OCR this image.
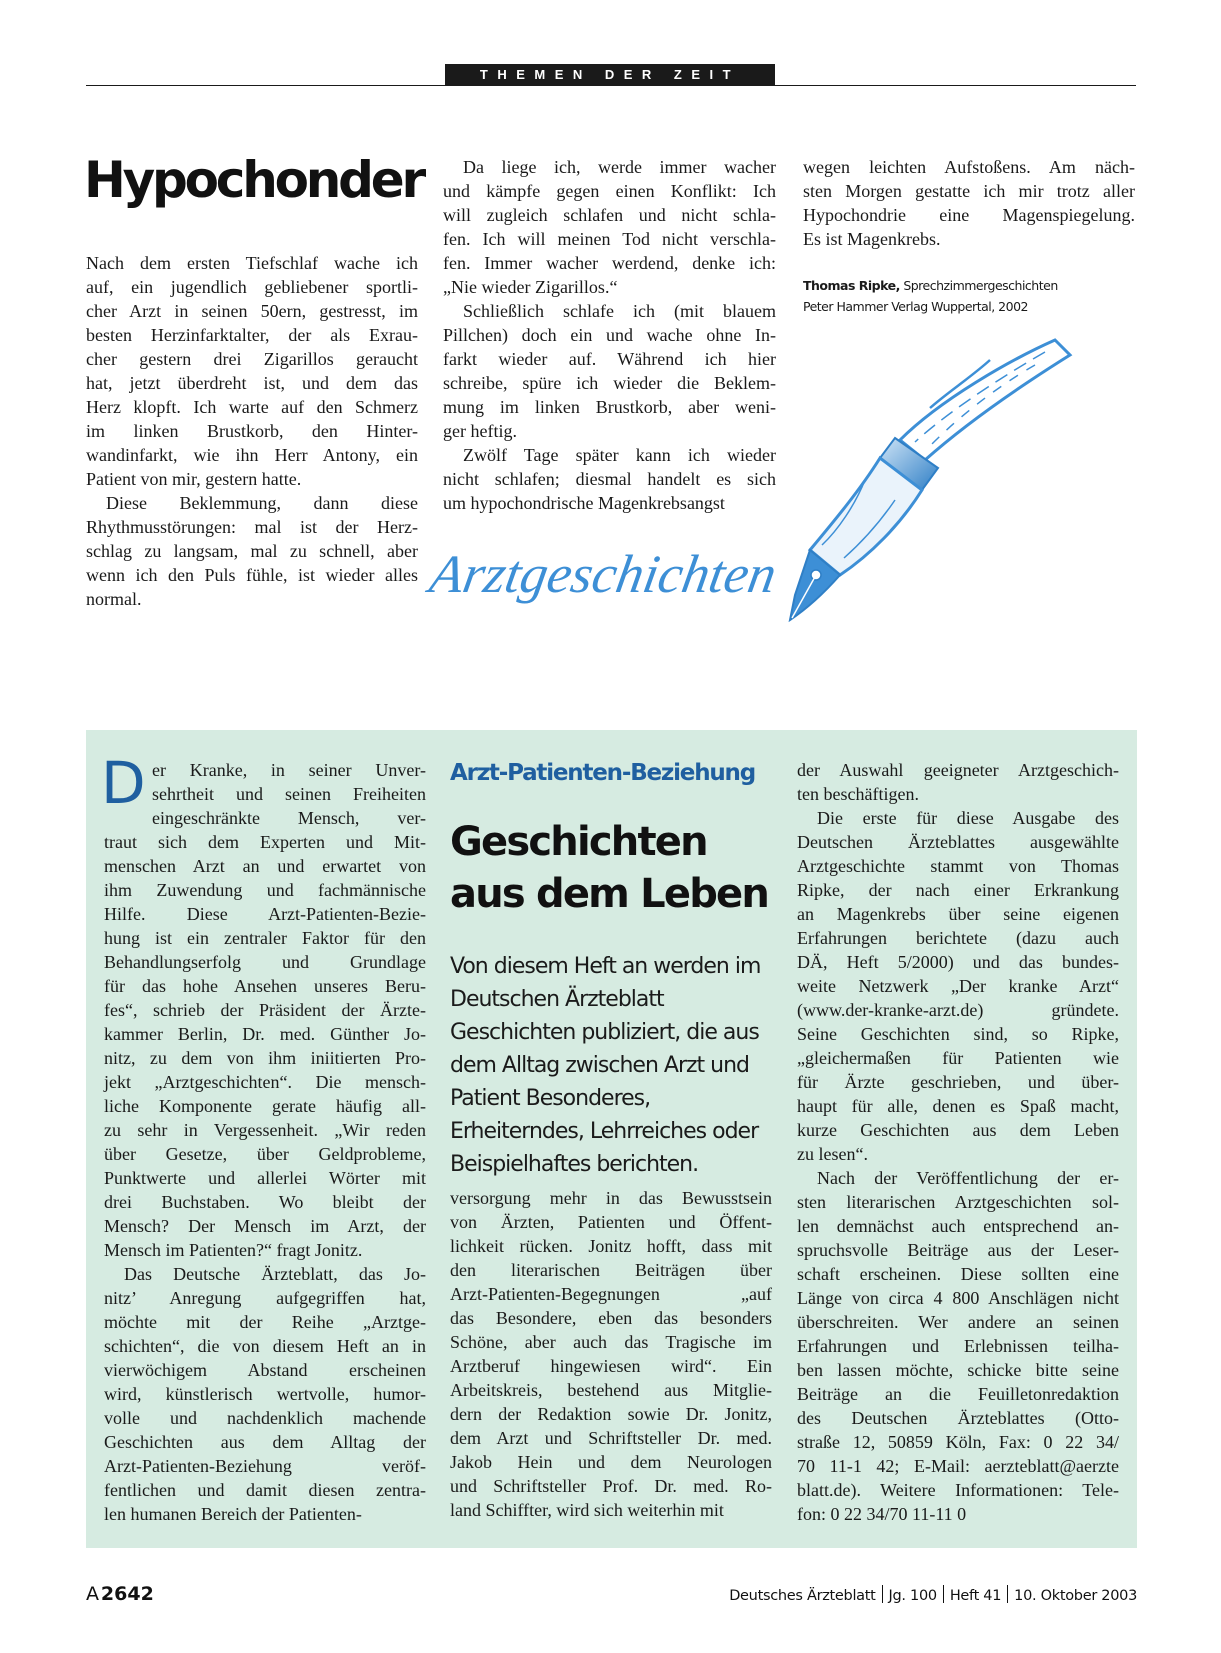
THEMEN DER ZEIT
Hypochonder

Nach dem ersten Tiefschlaf wache ich
auf, ein jugendlich gebliebener sportli-
cher Arzt in seinen 50ern, gestresst, im
besten Herzinfarktalter, der als Exrau-
cher gestern drei Zigarillos geraucht
hat, jetzt überdreht ist, und dem das
Herz klopft. Ich warte auf den Schmerz
im linken Brustkorb, den Hinter-
wandinfarkt, wie ihn Herr Antony, ein
Patient von mir, gestern hatte.

Diese Beklemmung, dann diese
Rhythmusstörungen: mal ist der Herz-
schlag zu langsam, mal zu schnell, aber
wenn ich den Puls fühle, ist wieder alles
normal.

Da liege ich, werde immer wacher
und kämpfe gegen einen Konflikt: Ich
will zugleich schlafen und nicht schla-
fen. Ich will meinen Tod nicht verschla-
fen. Immer wacher werdend, denke ich:
„Nie wieder Zigarillos.“

Schließlich schlafe ich (mit blauem
Pillchen) doch ein und wache ohne In-
farkt wieder auf. Während ich hier
schreibe, spüre ich wieder die Beklem-
mung im linken Brustkorb, aber weni-
ger heftig.

Zwölf Tage später kann ich wieder
nicht schlafen; diesmal handelt es sich
um hypochondrische Magenkrebsangst

wegen leichten Aufstoßens. Am näch-
sten Morgen gestatte ich mir trotz aller
Hypochondrie eine Magenspiegelung.
Es ist Magenkrebs.

Thomas Ripke, Sprechzimmergeschichten
Peter Hammer Verlag Wuppertal, 2002
Arztgeschichten
D er Kranke, in seiner Unver-
sehrtheit und seinen Freiheiten
eingeschränkte Mensch, ver-
traut sich dem Experten und Mit-
menschen Arzt an und erwartet von
ihm Zuwendung und fachmännische
Hilfe. Diese Arzt-Patienten-Bezie-
hung ist ein zentraler Faktor für den
Behandlungserfolg und Grundlage
für das hohe Ansehen unseres Beru-
fes“, schrieb der Präsident der Ärzte-
kammer Berlin, Dr. med. Günther Jo-
nitz, zu dem von ihm iniitierten Pro-
jekt „Arztgeschichten“. Die mensch-
liche Komponente gerate häufig all-
zu sehr in Vergessenheit. „Wir reden
über Gesetze, über Geldprobleme,
Punktwerte und allerlei Wörter mit
drei Buchstaben. Wo bleibt der
Mensch? Der Mensch im Arzt, der
Mensch im Patienten?“ fragt Jonitz.

Das Deutsche Ärzteblatt, das Jo-
nitz’ Anregung aufgegriffen hat,
möchte mit der Reihe „Arztge-
schichten“, die von diesem Heft an in
vierwöchigem Abstand erscheinen
wird, künstlerisch wertvolle, humor-
volle und nachdenklich machende
Geschichten aus dem Alltag der
Arzt-Patienten-Beziehung veröf-
fentlichen und damit diesen zentra-
len humanen Bereich der Patienten-

Arzt-Patienten-Beziehung
Geschichten aus dem Leben
Von diesem Heft an werden im Deutschen Ärzteblatt Geschichten publiziert, die aus dem Alltag zwischen Arzt und Patient Besonderes, Erheiterndes, Lehrreiches oder Beispielhaftes berichten.

versorgung mehr in das Bewusstsein
von Ärzten, Patienten und Öffent-
lichkeit rücken. Jonitz hofft, dass mit
den literarischen Beiträgen über
Arzt-Patienten-Begegnungen „auf
das Besondere, eben das besonders
Schöne, aber auch das Tragische im
Arztberuf hingewiesen wird“. Ein
Arbeitskreis, bestehend aus Mitglie-
dern der Redaktion sowie Dr. Jonitz,
dem Arzt und Schriftsteller Dr. med.
Jakob Hein und dem Neurologen
und Schriftsteller Prof. Dr. med. Ro-
land Schiffter, wird sich weiterhin mit

der Auswahl geeigneter Arztgeschich-
ten beschäftigen.

Die erste für diese Ausgabe des
Deutschen Ärzteblattes ausgewählte
Arztgeschichte stammt von Thomas
Ripke, der nach einer Erkrankung
an Magenkrebs über seine eigenen
Erfahrungen berichtete (dazu auch
DÄ, Heft 5/2000) und das bundes-
weite Netzwerk „Der kranke Arzt“
(www.der-kranke-arzt.de) gründete.
Seine Geschichten sind, so Ripke,
„gleichermaßen für Patienten wie
für Ärzte geschrieben, und über-
haupt für alle, denen es Spaß macht,
kurze Geschichten aus dem Leben
zu lesen“.

Nach der Veröffentlichung der er-
sten literarischen Arztgeschichten sol-
len demnächst auch entsprechend an-
spruchsvolle Beiträge aus der Leser-
schaft erscheinen. Diese sollten eine
Länge von circa 4 800 Anschlägen nicht
überschreiten. Wer andere an seinen
Erfahrungen und Erlebnissen teilha-
ben lassen möchte, schicke bitte seine
Beiträge an die Feuilletonredaktion
des Deutschen Ärzteblattes (Otto-
straße 12, 50859 Köln, Fax: 0 22 34/
70 11-1 42; E-Mail: aerzteblatt@aerzte
blatt.de). Weitere Informationen: Tele-
fon: 0 22 34/70 11-11 0

A  2642	Deutsches Ärzteblatt Jg. 100 Heft 41 10. Oktober 2003
